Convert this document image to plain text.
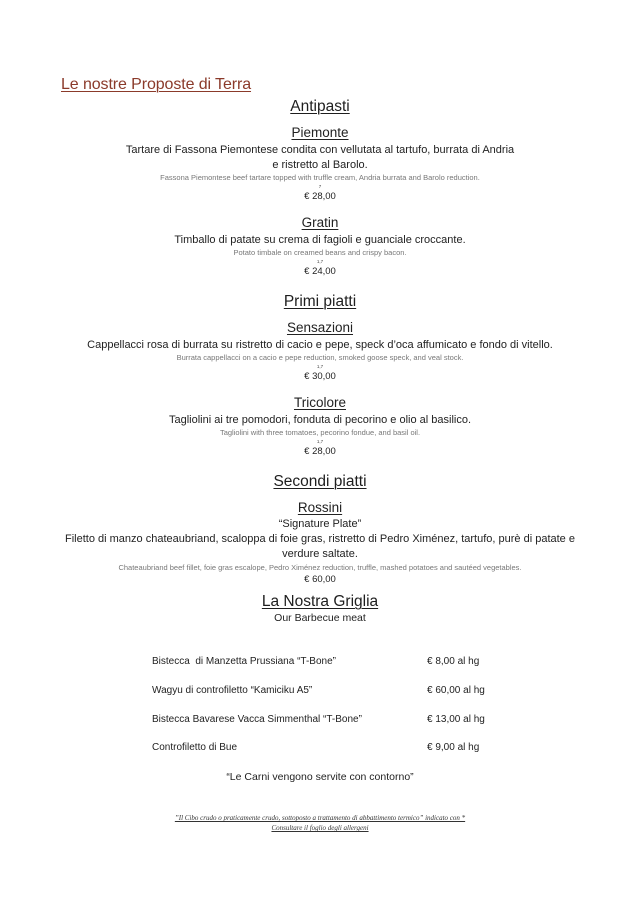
Le nostre Proposte di Terra
Antipasti
Piemonte
Tartare di Fassona Piemontese condita con vellutata al tartufo, burrata di Andria
e ristretto al Barolo.
Fassona Piemontese beef tartare topped with truffle cream, Andria burrata and Barolo reduction.
7
€ 28,00
Gratin
Timballo di patate su crema di fagioli e guanciale croccante.
Potato timbale on creamed beans and crispy bacon.
1,7
€ 24,00
Primi piatti
Sensazioni
Cappellacci rosa di burrata su ristretto di cacio e pepe, speck d’oca affumicato e fondo di vitello.
Burrata cappellacci on a cacio e pepe reduction, smoked goose speck, and veal stock.
1,7
€ 30,00
Tricolore
Tagliolini ai tre pomodori, fonduta di pecorino e olio al basilico.
Tagliolini with three tomatoes, pecorino fondue, and basil oil.
1,7
€ 28,00
Secondi piatti
Rossini
“Signature Plate”
Filetto di manzo chateaubriand, scaloppa di foie gras, ristretto di Pedro Ximénez, tartufo, purè di patate e
verdure saltate.
Chateaubriand beef fillet, foie gras escalope, Pedro Ximénez reduction, truffle, mashed potatoes and sautéed vegetables.
€ 60,00
La Nostra Griglia
Our Barbecue meat
Bistecca  di Manzetta Prussiana “T-Bone”	€ 8,00 al hg
Wagyu di controfiletto “Kamiciku A5”	€ 60,00 al hg
Bistecca Bavarese Vacca Simmenthal “T-Bone”	€ 13,00 al hg
Controfiletto di Bue	€ 9,00 al hg
“Le Carni vengono servite con contorno”
”Il Cibo crudo o praticamente crudo, sottoposto a trattamento di abbattimento termico” indicato con *
Consultare il foglio degli allergeni
